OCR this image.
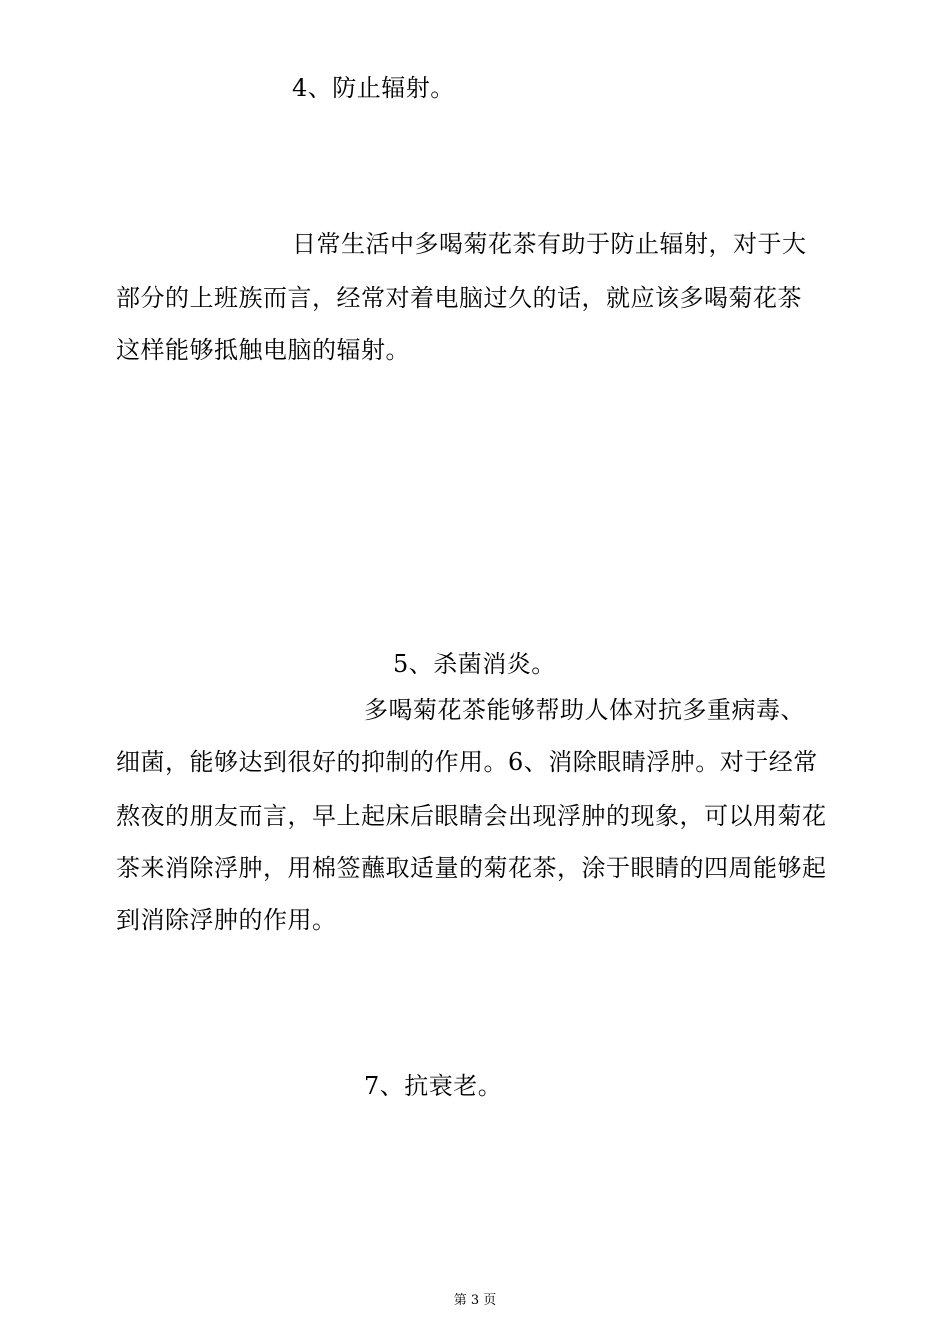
4、防止辐射。
日常生活中多喝菊花茶有助于防止辐射，对于大
部分的上班族而言，经常对着电脑过久的话，就应该多喝菊花茶
这样能够抵触电脑的辐射。
5、杀菌消炎。
多喝菊花茶能够帮助人体对抗多重病毒、
细菌，能够达到很好的抑制的作用。6、消除眼睛浮肿。对于经常
熬夜的朋友而言，早上起床后眼睛会出现浮肿的现象，可以用菊花
茶来消除浮肿，用棉签蘸取适量的菊花茶，涂于眼睛的四周能够起
到消除浮肿的作用。
7、抗衰老。
第 3 页
